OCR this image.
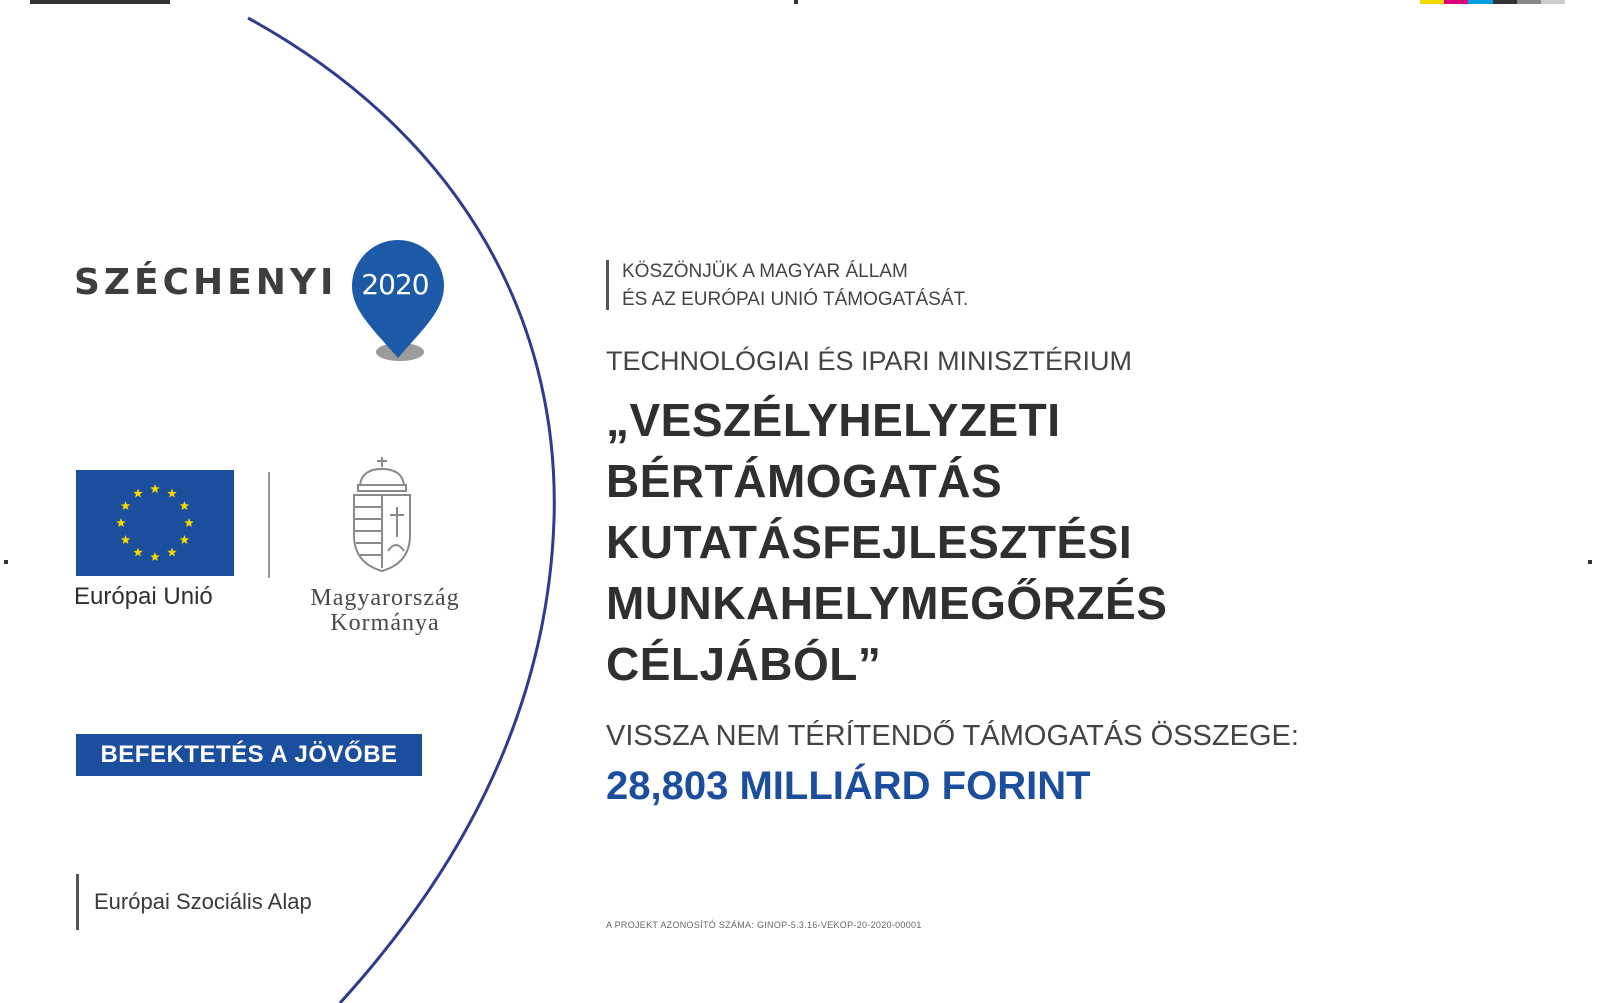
SZÉCHENYI 2020
Európai Unió	Magyarország
Kormánya
BEFEKTETÉS A JÖVŐBE
Európai Szociális Alap
KÖSZÖNJÜK A MAGYAR ÁLLAM
ÉS AZ EURÓPAI UNIÓ TÁMOGATÁSÁT.
TECHNOLÓGIAI ÉS IPARI MINISZTÉRIUM
„VESZÉLYHELYZETI
BÉRTÁMOGATÁS
KUTATÁSFEJLESZTÉSI
MUNKAHELYMEGŐRZÉS
CÉLJÁBÓL”
VISSZA NEM TÉRÍTENDŐ TÁMOGATÁS ÖSSZEGE:
28,803 MILLIÁRD FORINT
A PROJEKT AZONOSÍTÓ SZÁMA: GINOP-5.3.16-VEKOP-20-2020-00001
